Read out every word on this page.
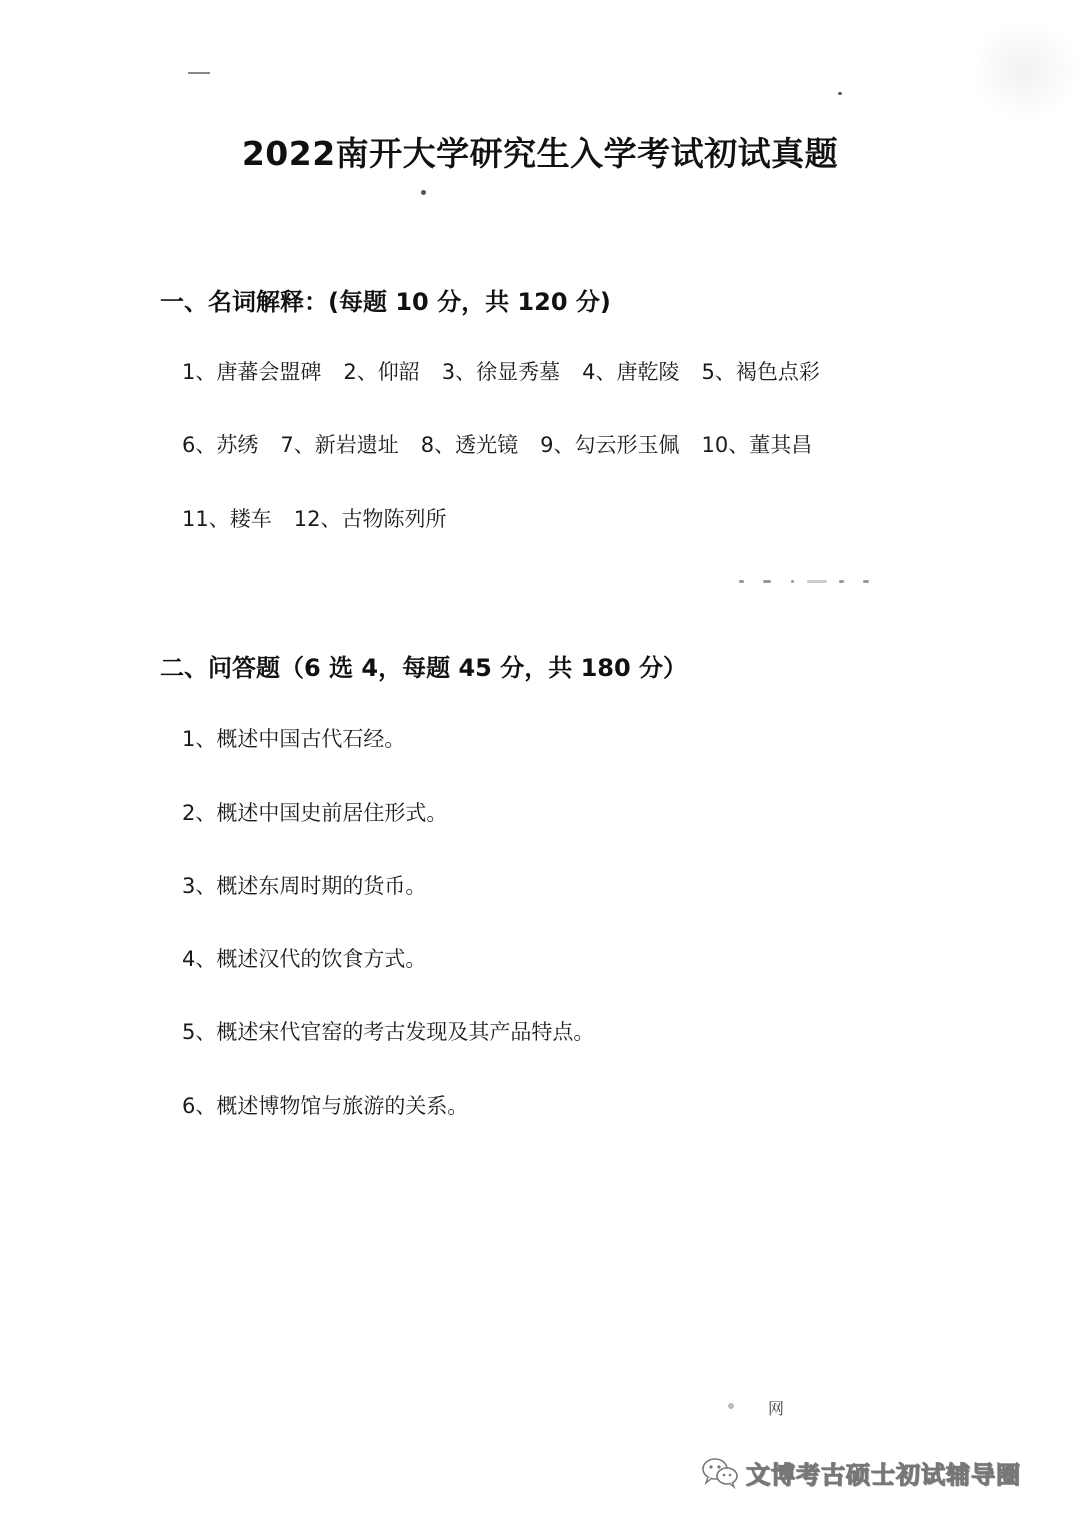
2022南开大学研究生入学考试初试真题
一、名词解释：(每题 10 分，共 120 分)
1、唐蕃会盟碑 2、仰韶 3、徐显秀墓 4、唐乾陵 5、褐色点彩
6、苏绣 7、新岩遗址 8、透光镜 9、勾云形玉佩 10、董其昌
11、耧车 12、古物陈列所
二、问答题（6 选 4，每题 45 分，共 180 分）
1、概述中国古代石经。
2、概述中国史前居住形式。
3、概述东周时期的货币。
4、概述汉代的饮食方式。
5、概述宋代官窑的考古发现及其产品特点。
6、概述博物馆与旅游的关系。
网
文博考古硕士初试辅导圈
